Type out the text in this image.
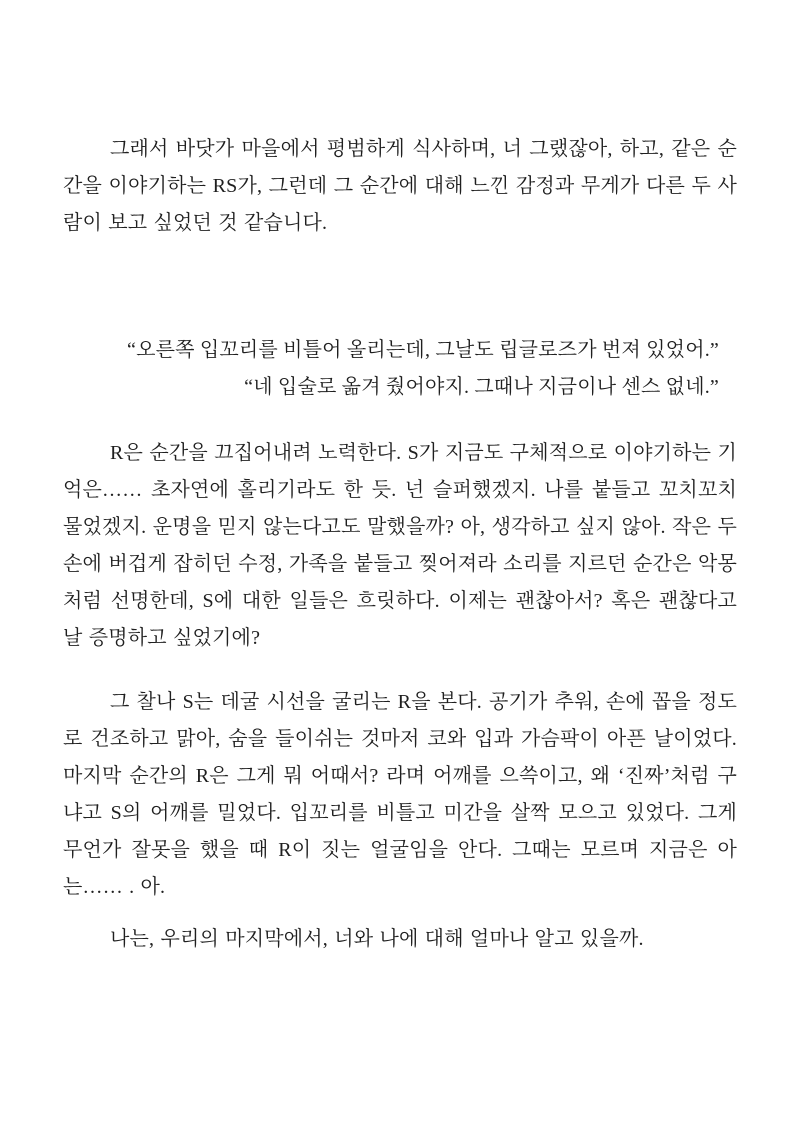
그래서 바닷가 마을에서 평범하게 식사하며, 너 그랬잖아, 하고, 같은 순간을 이야기하는 RS가, 그런데 그 순간에 대해 느낀 감정과 무게가 다른 두 사람이 보고 싶었던 것 같습니다.

“오른쪽 입꼬리를 비틀어 올리는데, 그날도 립글로즈가 번져 있었어.”

“네 입술로 옮겨 줬어야지. 그때나 지금이나 센스 없네.”

R은 순간을 끄집어내려 노력한다. S가 지금도 구체적으로 이야기하는 기억은…… 초자연에 홀리기라도 한 듯. 넌 슬퍼했겠지. 나를 붙들고 꼬치꼬치 물었겠지. 운명을 믿지 않는다고도 말했을까? 아, 생각하고 싶지 않아. 작은 두 손에 버겁게 잡히던 수정, 가족을 붙들고 찢어져라 소리를 지르던 순간은 악몽처럼 선명한데, S에 대한 일들은 흐릿하다. 이제는 괜찮아서? 혹은 괜찮다고 날 증명하고 싶었기에?

그 찰나 S는 데굴 시선을 굴리는 R을 본다. 공기가 추워, 손에 꼽을 정도로 건조하고 맑아, 숨을 들이쉬는 것마저 코와 입과 가슴팍이 아픈 날이었다. 마지막 순간의 R은 그게 뭐 어때서? 라며 어깨를 으쓱이고, 왜 ‘진짜’처럼 구냐고 S의 어깨를 밀었다. 입꼬리를 비틀고 미간을 살짝 모으고 있었다. 그게 무언가 잘못을 했을 때 R이 짓는 얼굴임을 안다. 그때는 모르며 지금은 아는…… . 아.

나는, 우리의 마지막에서, 너와 나에 대해 얼마나 알고 있을까.
